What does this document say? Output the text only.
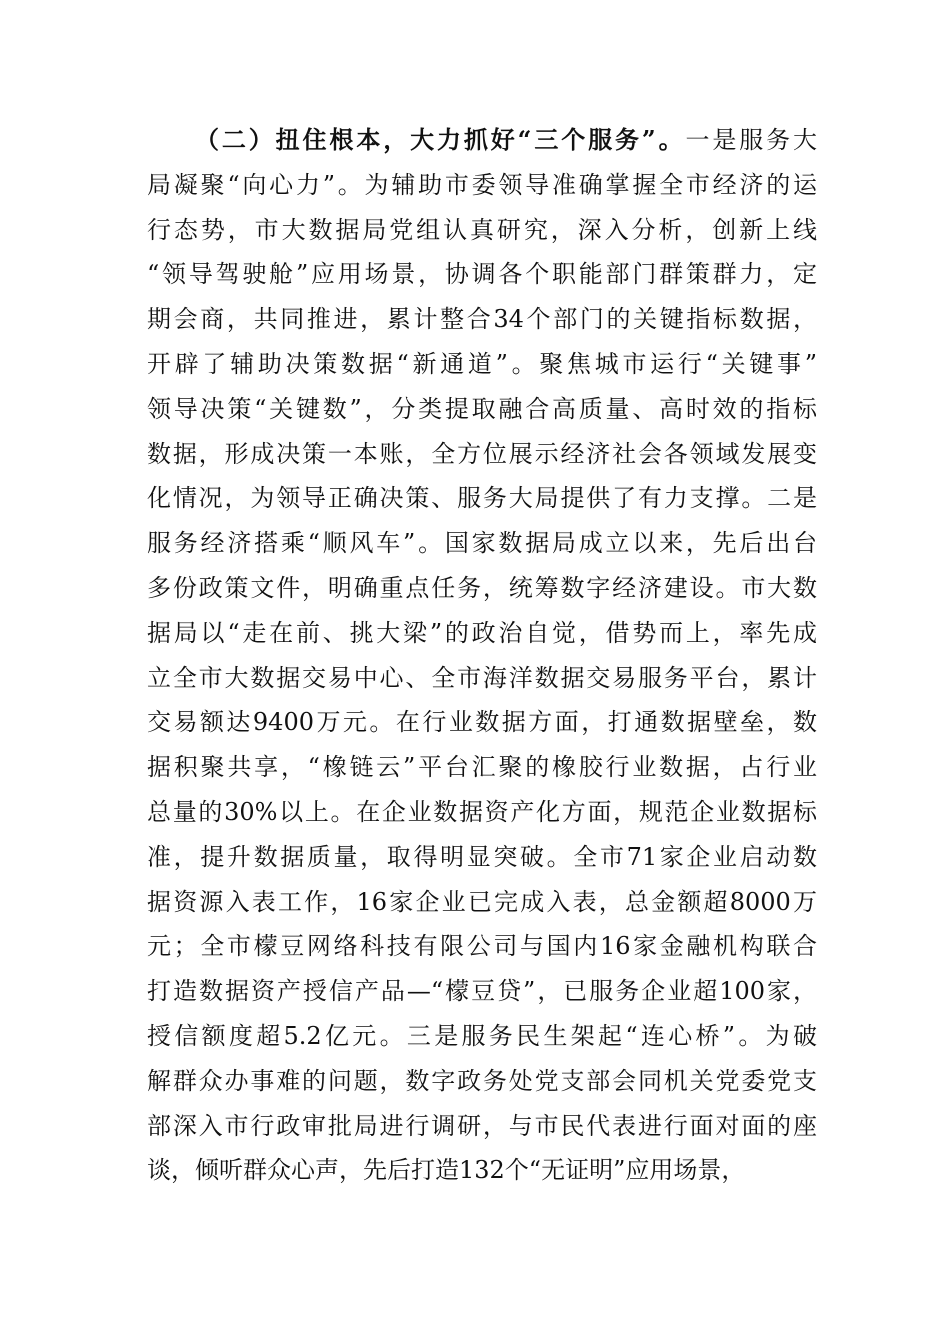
（二）扭住根本，大力抓好“三个服务”。一是服务大
局凝聚“向心力”。为辅助市委领导准确掌握全市经济的运
行态势，市大数据局党组认真研究，深入分析，创新上线
“领导驾驶舱”应用场景，协调各个职能部门群策群力，定
期会商，共同推进，累计整合34个部门的关键指标数据，
开辟了辅助决策数据“新通道”。聚焦城市运行“关键事”
领导决策“关键数”，分类提取融合高质量、高时效的指标
数据，形成决策一本账，全方位展示经济社会各领域发展变
化情况，为领导正确决策、服务大局提供了有力支撑。二是
服务经济搭乘“顺风车”。国家数据局成立以来，先后出台
多份政策文件，明确重点任务，统筹数字经济建设。市大数
据局以“走在前、挑大梁”的政治自觉，借势而上，率先成
立全市大数据交易中心、全市海洋数据交易服务平台，累计
交易额达9400万元。在行业数据方面，打通数据壁垒，数
据积聚共享，“橡链云”平台汇聚的橡胶行业数据，占行业
总量的30%以上。在企业数据资产化方面，规范企业数据标
准，提升数据质量，取得明显突破。全市71家企业启动数
据资源入表工作，16家企业已完成入表，总金额超8000万
元；全市檬豆网络科技有限公司与国内16家金融机构联合
打造数据资产授信产品—“檬豆贷”，已服务企业超100家，
授信额度超5.2亿元。三是服务民生架起“连心桥”。为破
解群众办事难的问题，数字政务处党支部会同机关党委党支
部深入市行政审批局进行调研，与市民代表进行面对面的座
谈，倾听群众心声，先后打造132个“无证明”应用场景，
